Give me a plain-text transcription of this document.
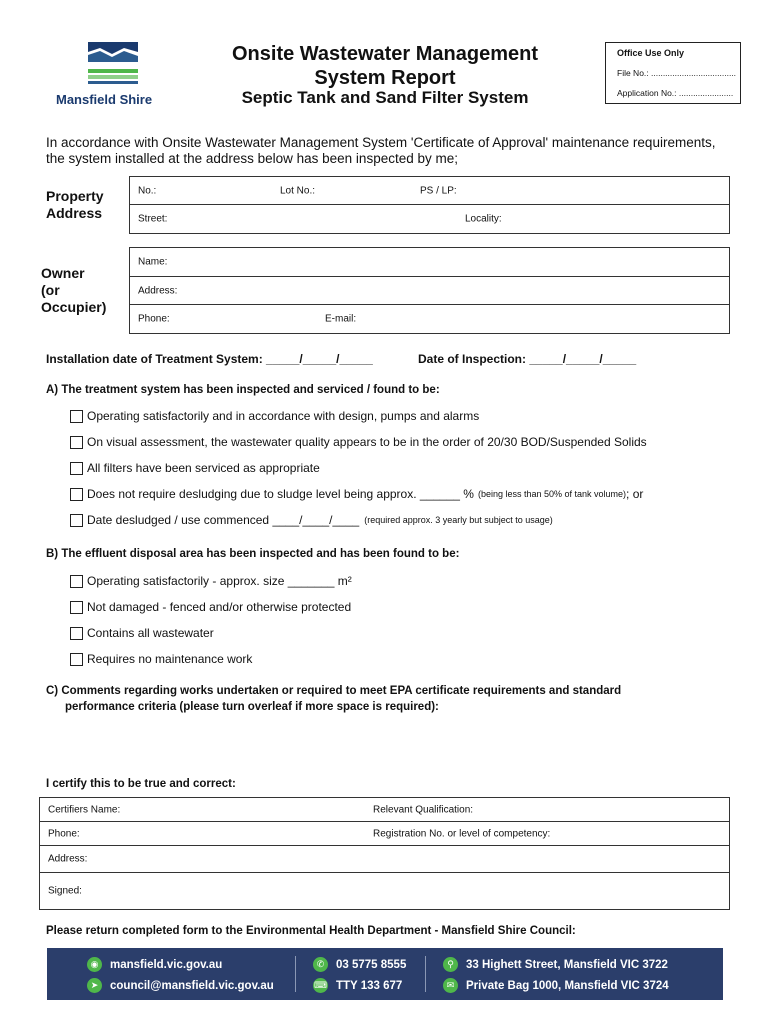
Mansfield Shire
Onsite Wastewater Management
System Report
Septic Tank and Sand Filter System
Office Use Only
File No.: ....................................
Application No.: .......................
In accordance with Onsite Wastewater Management System 'Certificate of Approval' maintenance requirements, the system installed at the address below has been inspected by me;
Property
Address
No.:	Lot No.:	PS / LP:

Street:	Locality:
Owner
(or
Occupier)
Name:

Address:

Phone:	E-mail:
Installation date of Treatment System: _____/_____/_____	Date of Inspection: _____/_____/_____
A) The treatment system has been inspected and serviced / found to be:
Operating satisfactorily and in accordance with design, pumps and alarms
On visual assessment, the wastewater quality appears to be in the order of 20/30 BOD/Suspended Solids
All filters have been serviced as appropriate
Does not require desludging due to sludge level being approx. ______ % (being less than 50% of tank volume) ; or
Date desludged / use commenced ____/____/____ (required approx. 3 yearly but subject to usage)
B) The effluent disposal area has been inspected and has been found to be:
Operating satisfactorily - approx. size _______ m²
Not damaged - fenced and/or otherwise protected
Contains all wastewater
Requires no maintenance work
C) Comments regarding works undertaken or required to meet EPA certificate requirements and standard
performance criteria (please turn overleaf if more space is required):
I certify this to be true and correct:
Certifiers Name:	Relevant Qualification:

Phone:	Registration No. or level of competency:

Address:

Signed:
Please return completed form to the Environmental Health Department - Mansfield Shire Council:
◉	mansfield.vic.gov.au
➤	council@mansfield.vic.gov.au
✆	03 5775 8555
⌨ TTY 133 677
⚲	33 Highett Street, Mansfield VIC 3722
✉	Private Bag 1000, Mansfield VIC 3724
